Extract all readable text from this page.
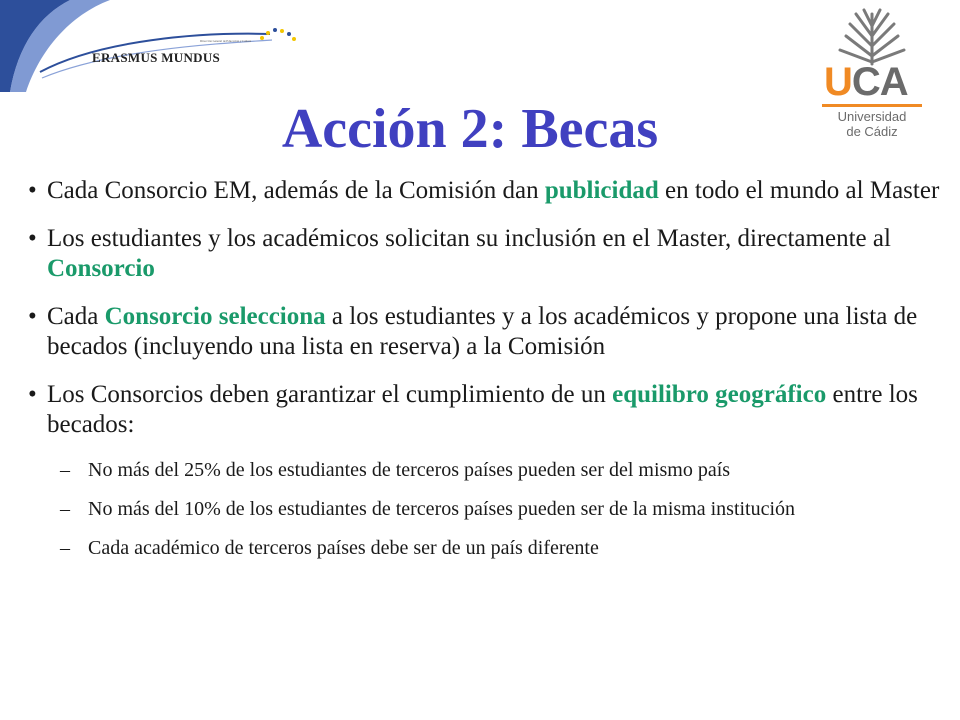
Dirección General de Educación y Cultura
ERASMUS MUNDUS
UCA
Universidad
de Cádiz
Acción 2: Becas
• Cada Consorcio EM, además de la Comisión dan publicidad en todo el mundo al Master
• Los estudiantes y los académicos solicitan su inclusión en el Master, directamente al Consorcio
• Cada Consorcio selecciona a los estudiantes y a los académicos y propone una lista de becados (incluyendo una lista en reserva) a la Comisión
• Los Consorcios deben garantizar el cumplimiento de un equilibro geográfico entre los becados:
– No más del 25% de los estudiantes de terceros países pueden ser del mismo país
– No más del 10% de los estudiantes de terceros países pueden ser de la misma institución
– Cada académico de terceros países debe ser de un país diferente
